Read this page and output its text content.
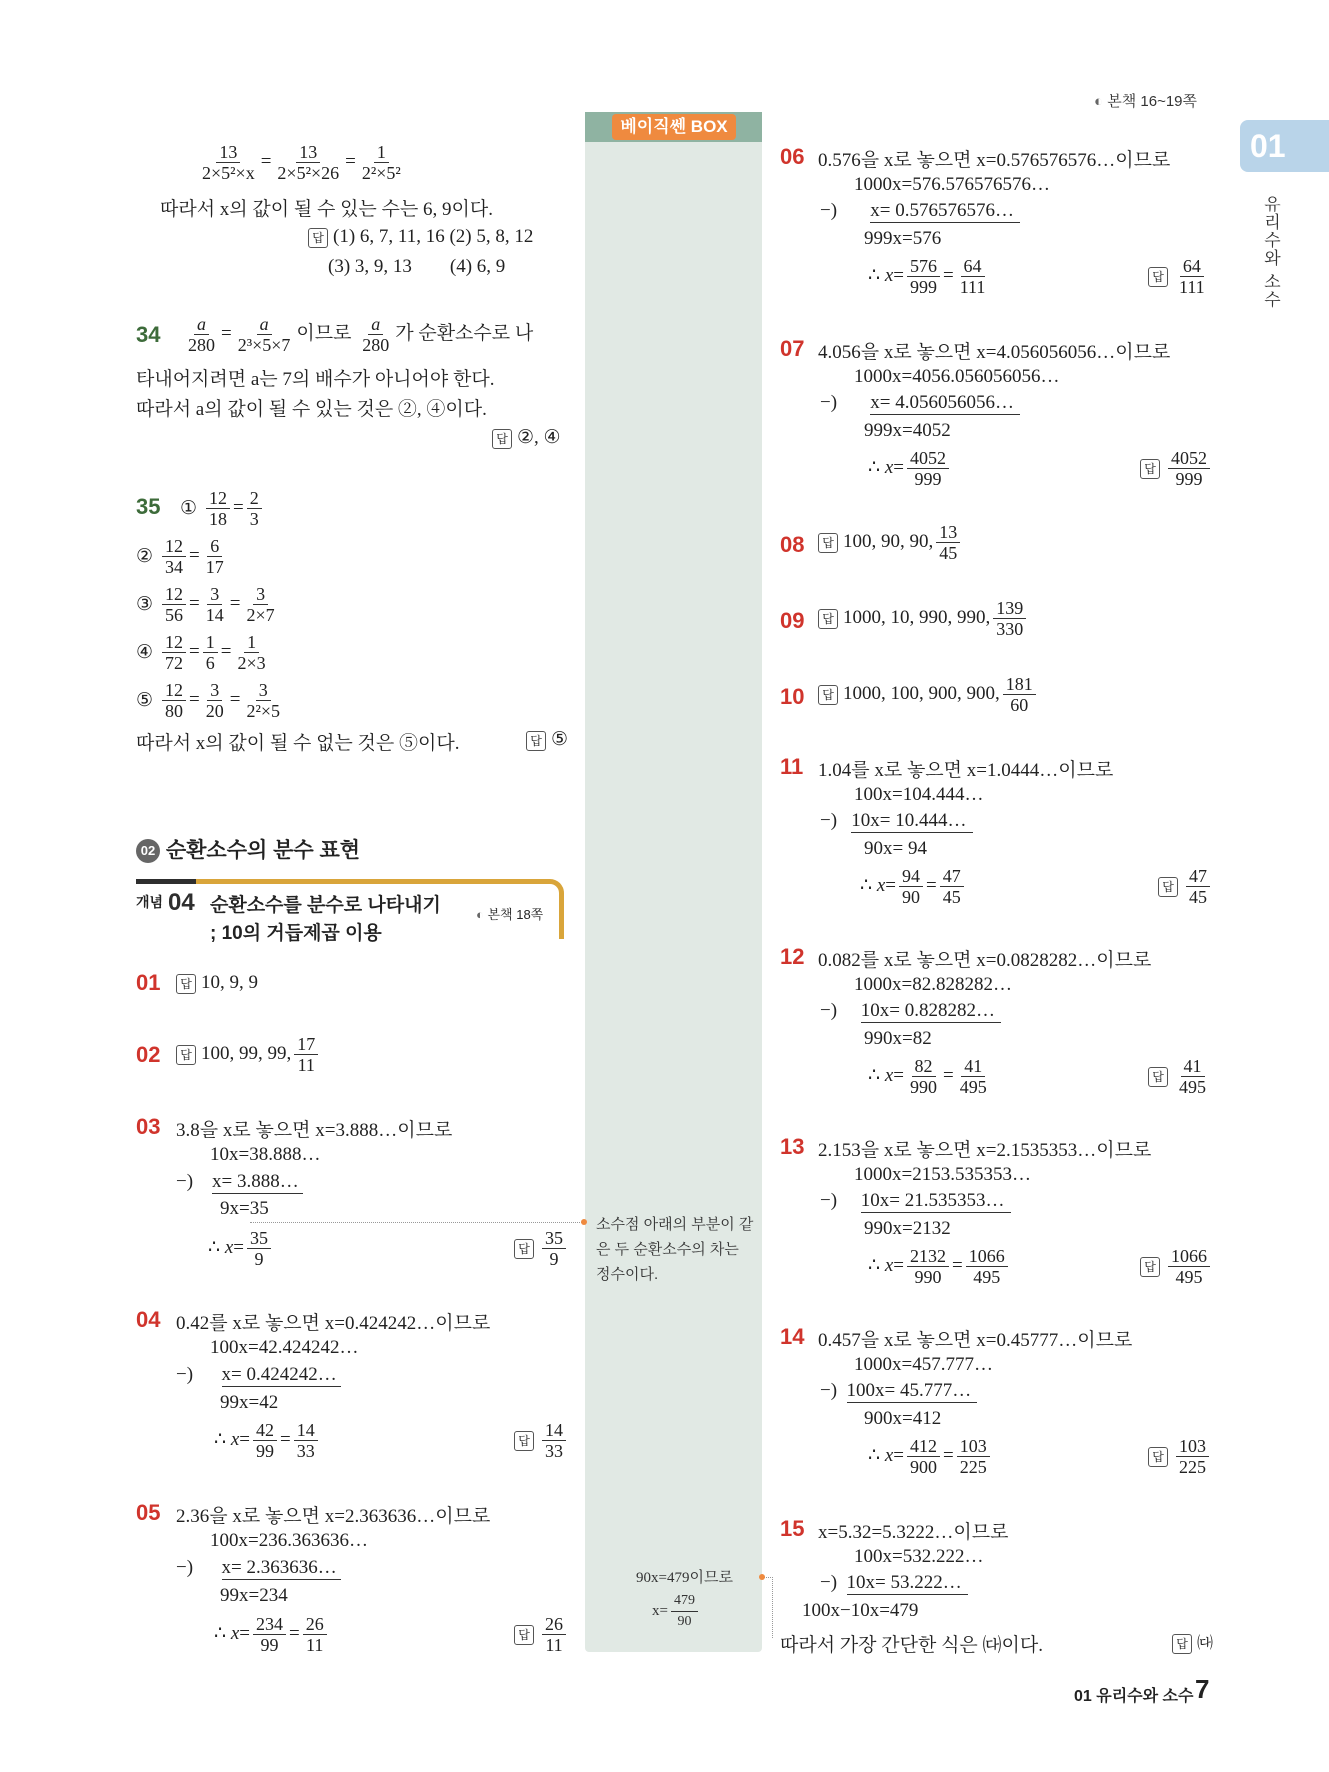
◐ 본책 16~19쪽
01
유리수와 소수
베이직쎈 BOX
소수점 아래의 부분이 같은 두 순환소수의 차는 정수이다.
90x=479이므로
$x= \frac{479}{90}$
$\frac{13}{\text{2×5²×x}} = \frac{13}{\text{2×5²×26}} = \frac{1}{\text{2²×5²}}$
따라서 x의 값이 될 수 있는 수는 6, 9이다.
답 (1) 6, 7, 11, 16 (2) 5, 8, 12
(3) 3, 9, 13        (4) 6, 9
$34 \frac{a}{280} = \frac{a}{\text{2³×5×7}}$ 이므로 $\frac{a}{280}$ 가 순환소수로 나
타내어지려면 a는 7의 배수가 아니어야 한다.
따라서 a의 값이 될 수 있는 것은 ②, ④이다.
답 ②, ④
35 ① $\frac{12}{18} = \frac{2}{3}$
② $\frac{12}{34} = \frac{6}{17}$
③ $\frac{12}{56} = \frac{3}{14} = \frac{3}{2\times 7}$
④ $\frac{12}{72} = \frac{1}{6} = \frac{1}{2\times 3}$
⑤ $\frac{12}{80} = \frac{3}{20} = \frac{3}{\text{2²×5}}$
따라서 x의 값이 될 수 없는 것은 ⑤이다.	답 ⑤
02 순환소수의 분수 표현
개념 04 순환소수를 분수로 나타내기
; 10의 거듭제곱 이용
◐ 본책 18쪽
01	답 10, 9, 9
02	답 100, 99, 99, $\frac{17}{11}$
03 3.8을 x로 놓으면 x=3.888…이므로
10x=38.888…
−)    x= 3.888…
9x=35
∴ $x= \frac{35}{9}$	답 $\frac{35}{9}$
04 0.42를 x로 놓으면 x=0.424242…이므로
100x=42.424242…
−)      x= 0.424242…
99x=42
∴ $x= \frac{42}{99} = \frac{14}{33}$	답 $\frac{14}{33}$
05 2.36을 x로 놓으면 x=2.363636…이므로
100x=236.363636…
−)      x= 2.363636…
99x=234
∴ $x= \frac{234}{99} = \frac{26}{11}$	답 $\frac{26}{11}$
06 0.576을 x로 놓으면 x=0.576576576…이므로
1000x=576.576576576…
−)       x= 0.576576576…
999x=576
∴ $x= \frac{576}{999} = \frac{64}{111}$	답 $\frac{64}{111}$
07 4.056을 x로 놓으면 x=4.056056056…이므로
1000x=4056.056056056…
−)       x= 4.056056056…
999x=4052
∴ $x= \frac{4052}{999}$	답 $\frac{4052}{999}$
08	답 100, 90, 90, $\frac{13}{45}$
09	답 1000, 10, 990, 990, $\frac{139}{330}$
10	답 1000, 100, 900, 900, $\frac{181}{60}$
11 1.04를 x로 놓으면 x=1.0444…이므로
100x=104.444…
−)   10x= 10.444…
90x= 94
∴ $x= \frac{94}{90} = \frac{47}{45}$	답 $\frac{47}{45}$
12 0.082를 x로 놓으면 x=0.0828282…이므로
1000x=82.828282…
−)     10x= 0.828282…
990x=82
∴ $x= \frac{82}{990} = \frac{41}{495}$	답 $\frac{41}{495}$
13 2.153을 x로 놓으면 x=2.1535353…이므로
1000x=2153.535353…
−)     10x= 21.535353…
990x=2132
∴ $x= \frac{2132}{990} = \frac{1066}{495}$	답 $\frac{1066}{495}$
14 0.457을 x로 놓으면 x=0.45777…이므로
1000x=457.777…
−)  100x= 45.777…
900x=412
∴ $x= \frac{412}{900} = \frac{103}{225}$	답 $\frac{103}{225}$
15 x=5.32=5.3222…이므로
100x=532.222…
−)  10x= 53.222…
100x−10x=479
따라서 가장 간단한 식은 ㈐이다.	답 ㈐
01 유리수와 소수 7
